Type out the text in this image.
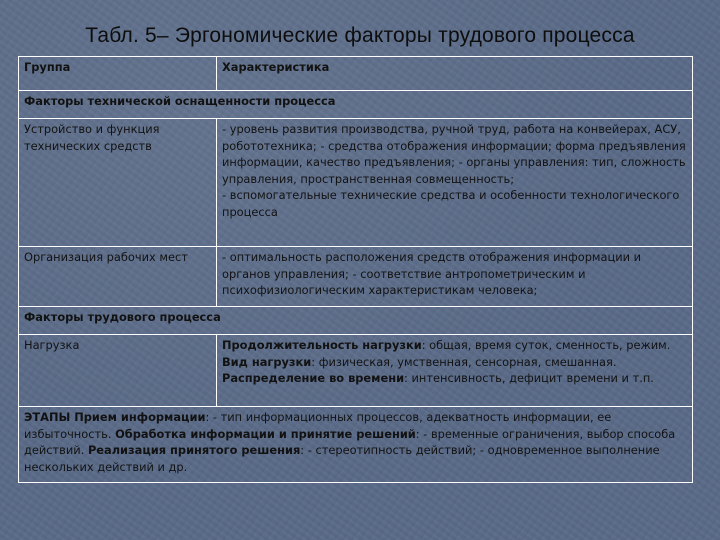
Табл. 5– Эргономические факторы трудового процесса
Группа	Характеристика
Факторы технической оснащенности процесса	
Устройство и функция технических средств	- уровень развития производства, ручной труд, работа на конвейерах, АСУ, робототехника; - средства отображения информации; форма предъявления информации, качество предъявления; - органы управления: тип, сложность управления, пространственная совмещенность;
- вспомогательные технические средства и особенности технологического процесса

Организация рабочих мест	- оптимальность расположения средств отображения информации и органов управления; - соответствие антропометрическим и психофизиологическим характеристикам человека;
Факторы трудового процесса	
Нагрузка	Продолжительность нагрузки: общая, время суток, сменность, режим. Вид нагрузки: физическая, умственная, сенсорная, смешанная. Распределение во времени: интенсивность, дефицит времени и т.п.
ЭТАПЫ Прием информации: - тип информационных процессов, адекватность информации, ее избыточность. Обработка информации и принятие решений: - временные ограничения, выбор способа действий. Реализация принятого решения: - стереотипность действий; - одновременное выполнение нескольких действий и др.	
